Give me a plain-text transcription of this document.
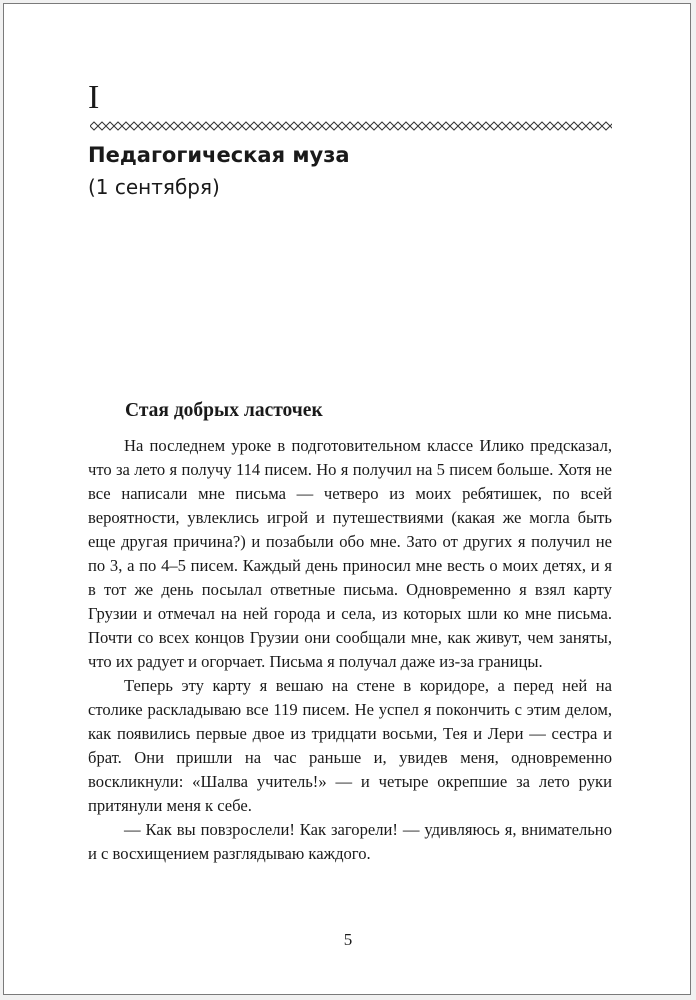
I
Педагогическая муза
(1 сентября)
Стая добрых ласточек

На последнем уроке в подготовительном классе Илико предсказал, что за лето я получу 114 писем. Но я получил на 5 писем больше. Хотя не все написали мне письма — четверо из моих ребятишек, по всей вероятности, увлеклись игрой и путешествиями (какая же могла быть еще другая причина?) и позабыли обо мне. Зато от других я получил не по 3, а по 4–5 писем. Каждый день приносил мне весть о моих детях, и я в тот же день посылал ответные письма. Одновременно я взял карту Грузии и отмечал на ней города и села, из которых шли ко мне письма. Почти со всех концов Грузии они сообщали мне, как живут, чем заняты, что их радует и огорчает. Письма я получал даже из-за границы.

Теперь эту карту я вешаю на стене в коридоре, а перед ней на столике раскладываю все 119 писем. Не успел я покончить с этим делом, как появились первые двое из тридцати восьми, Тея и Лери — сестра и брат. Они пришли на час раньше и, увидев меня, одновременно воскликнули: «Шалва учитель!» — и четыре окрепшие за лето руки притянули меня к себе.

— Как вы повзрослели! Как загорели! — удивляюсь я, внимательно и с восхищением разглядываю каждого.

5
